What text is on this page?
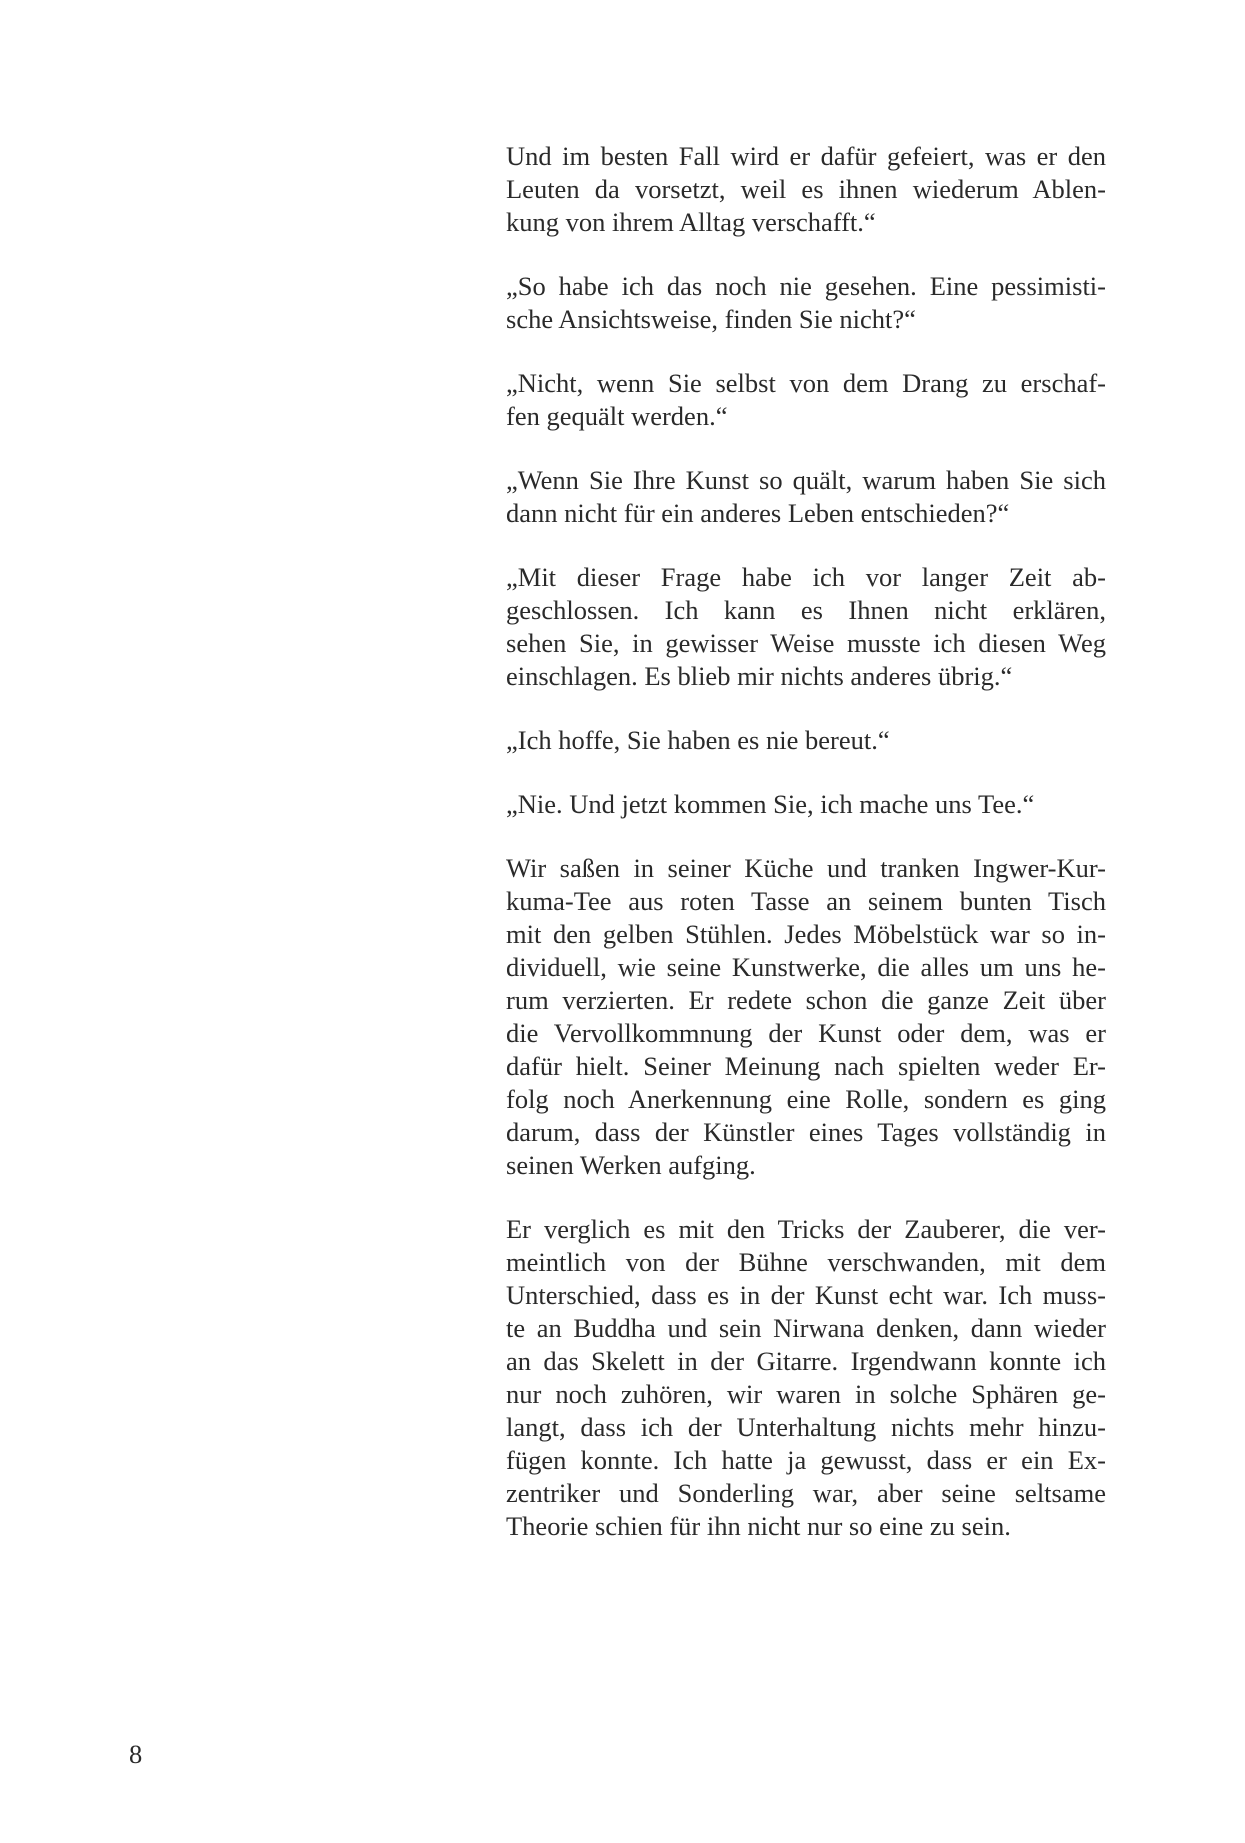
Und im besten Fall wird er dafür gefeiert, was er den
Leuten da vorsetzt, weil es ihnen wiederum Ablen-
kung von ihrem Alltag verschafft.“

„So habe ich das noch nie gesehen. Eine pessimisti-
sche Ansichtsweise, finden Sie nicht?“

„Nicht, wenn Sie selbst von dem Drang zu erschaf-
fen gequält werden.“

„Wenn Sie Ihre Kunst so quält, warum haben Sie sich
dann nicht für ein anderes Leben entschieden?“

„Mit dieser Frage habe ich vor langer Zeit ab-
geschlossen. Ich kann es Ihnen nicht erklären,
sehen Sie, in gewisser Weise musste ich diesen Weg
einschlagen. Es blieb mir nichts anderes übrig.“

„Ich hoffe, Sie haben es nie bereut.“

„Nie. Und jetzt kommen Sie, ich mache uns Tee.“

Wir saßen in seiner Küche und tranken Ingwer-Kur-
kuma-Tee aus roten Tasse an seinem bunten Tisch
mit den gelben Stühlen. Jedes Möbelstück war so in-
dividuell, wie seine Kunstwerke, die alles um uns he-
rum verzierten. Er redete schon die ganze Zeit über
die Vervollkommnung der Kunst oder dem, was er
dafür hielt. Seiner Meinung nach spielten weder Er-
folg noch Anerkennung eine Rolle, sondern es ging
darum, dass der Künstler eines Tages vollständig in
seinen Werken aufging.

Er verglich es mit den Tricks der Zauberer, die ver-
meintlich von der Bühne verschwanden, mit dem
Unterschied, dass es in der Kunst echt war. Ich muss-
te an Buddha und sein Nirwana denken, dann wieder
an das Skelett in der Gitarre. Irgendwann konnte ich
nur noch zuhören, wir waren in solche Sphären ge-
langt, dass ich der Unterhaltung nichts mehr hinzu-
fügen konnte. Ich hatte ja gewusst, dass er ein Ex-
zentriker und Sonderling war, aber seine seltsame
Theorie schien für ihn nicht nur so eine zu sein.

8
